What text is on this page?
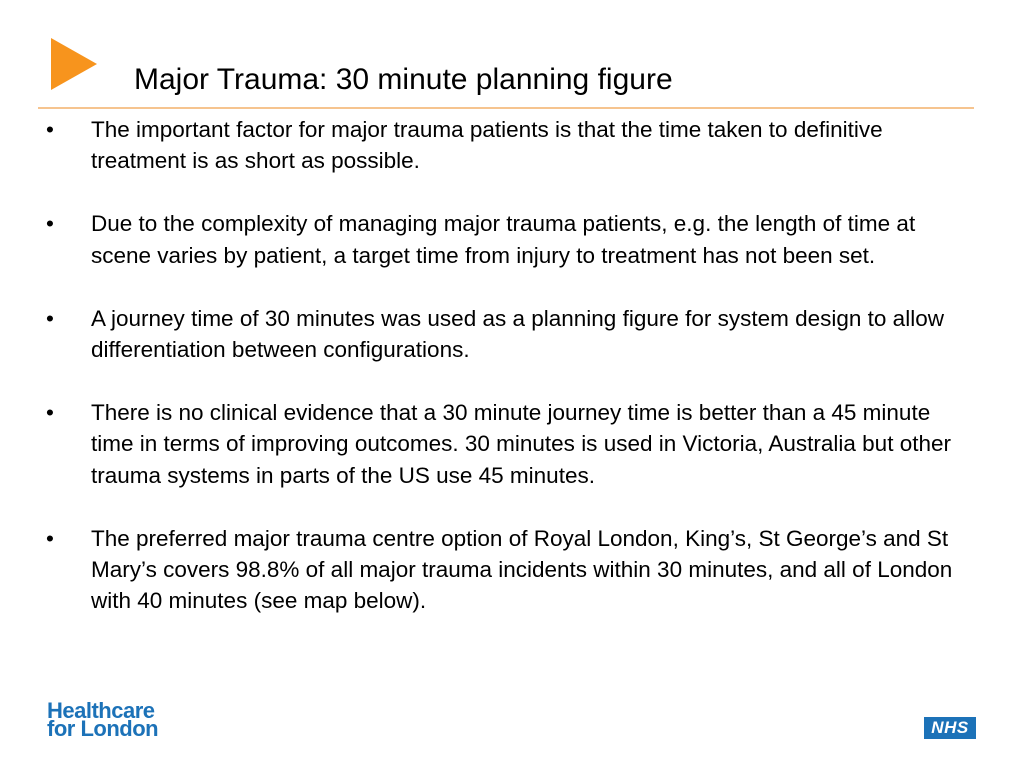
Major Trauma: 30 minute planning figure
• The important factor for major trauma patients is that the time taken to definitive treatment is as short as possible.
• Due to the complexity of managing major trauma patients, e.g. the length of time at scene varies by patient, a target time from injury to treatment has not been set.
• A journey time of 30 minutes was used as a planning figure for system design to allow differentiation between configurations.
• There is no clinical evidence that a 30 minute journey time is better than a 45 minute time in terms of improving outcomes. 30 minutes is used in Victoria, Australia but other trauma systems in parts of the US use 45 minutes.
• The preferred major trauma centre option of Royal London, King’s, St George’s and St Mary’s covers 98.8% of all major trauma incidents within 30 minutes, and all of London with 40 minutes (see map below).
Healthcare
for London	NHS
